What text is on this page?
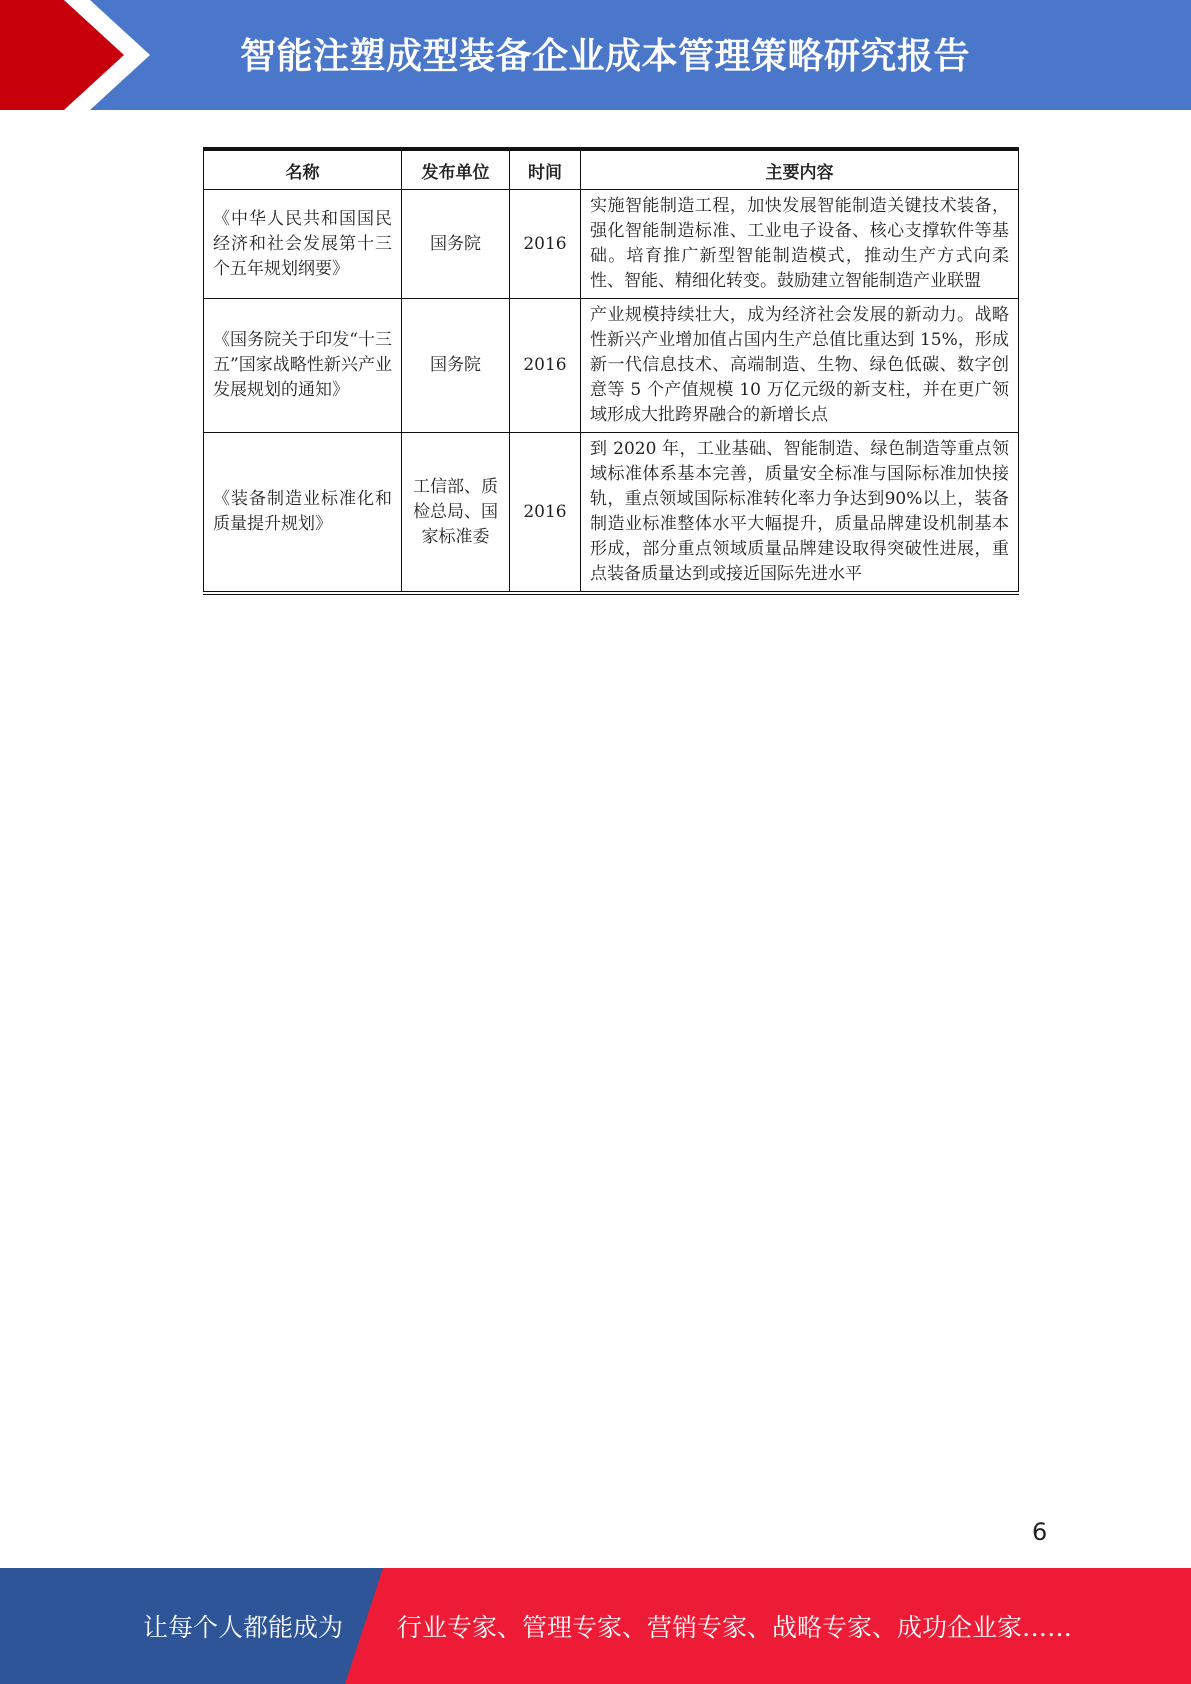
智能注塑成型装备企业成本管理策略研究报告
名称	发布单位	时间	主要内容
《中华人民共和国国民经济和社会发展第十三个五年规划纲要》	国务院	2016	实施智能制造工程，加快发展智能制造关键技术装备，强化智能制造标准、工业电子设备、核心支撑软件等基础。培育推广新型智能制造模式，推动生产方式向柔性、智能、精细化转变。鼓励建立智能制造产业联盟
《国务院关于印发“十三五”国家战略性新兴产业发展规划的通知》	国务院	2016	产业规模持续壮大，成为经济社会发展的新动力。战略性新兴产业增加值占国内生产总值比重达到 15%，形成新一代信息技术、高端制造、生物、绿色低碳、数字创意等 5 个产值规模 10 万亿元级的新支柱，并在更广领域形成大批跨界融合的新增长点
《装备制造业标准化和质量提升规划》	工信部、质检总局、国家标准委	2016	到 2020 年，工业基础、智能制造、绿色制造等重点领域标准体系基本完善，质量安全标准与国际标准加快接轨，重点领域国际标准转化率力争达到90%以上，装备制造业标准整体水平大幅提升，质量品牌建设机制基本形成，部分重点领域质量品牌建设取得突破性进展，重点装备质量达到或接近国际先进水平
6
让每个人都能成为 行业专家、管理专家、营销专家、战略专家、成功企业家……
